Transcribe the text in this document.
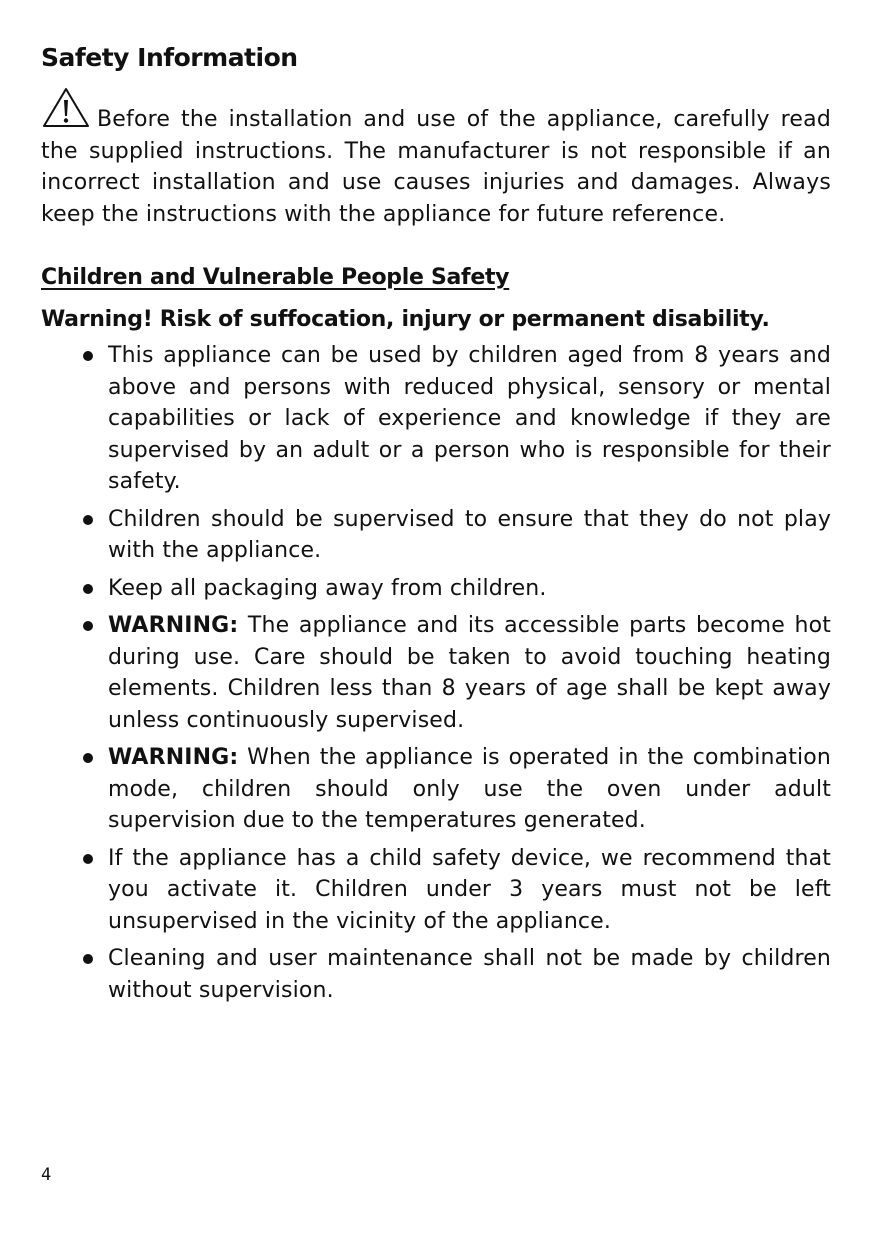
Safety Information
Before the installation and use of the appliance, carefully read the supplied instructions. The manufacturer is not responsible if an incorrect installation and use causes injuries and damages. Always keep the instructions with the appliance for future reference.
Children and Vulnerable People Safety
Warning! Risk of suffocation, injury or permanent disability.
This appliance can be used by children aged from 8 years and above and persons with reduced physical, sensory or mental capabilities or lack of experience and knowledge if they are supervised by an adult or a person who is responsible for their safety.
Children should be supervised to ensure that they do not play with the appliance.
Keep all packaging away from children.
WARNING: The appliance and its accessible parts become hot during use. Care should be taken to avoid touching heating elements. Children less than 8 years of age shall be kept away unless continuously supervised.
WARNING: When the appliance is operated in the combination mode, children should only use the oven under adult supervision due to the temperatures generated.
If the appliance has a child safety device, we recommend that you activate it. Children under 3 years must not be left unsupervised in the vicinity of the appliance.
Cleaning and user maintenance shall not be made by children without supervision.
4
